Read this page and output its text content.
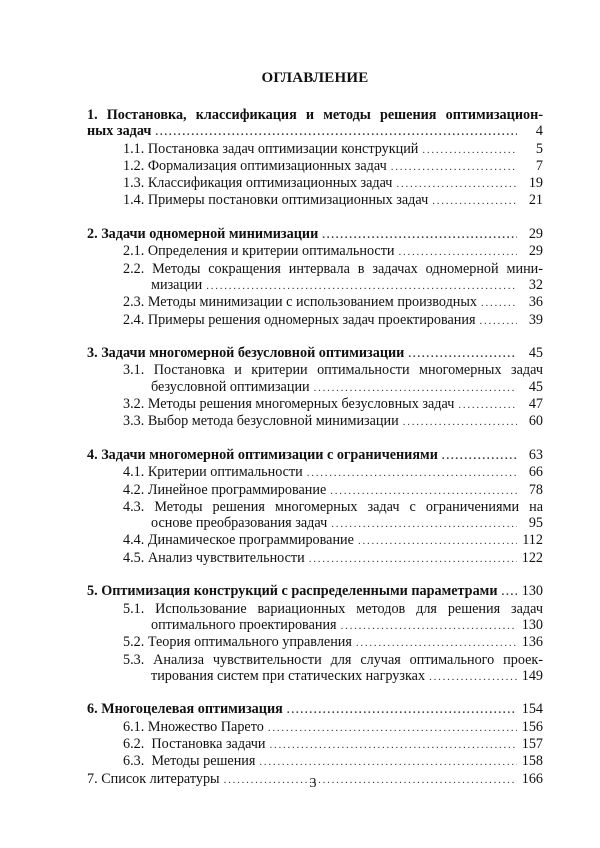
ОГЛАВЛЕНИЕ
1. Постановка, классификация и методы решения оптимизацион-
ных задач . . .	4
1.1. Постановка задач оптимизации конструкций . . .	5
1.2. Формализация оптимизационных задач . . .	7
1.3. Классификация оптимизационных задач . . .	19
1.4. Примеры постановки оптимизационных задач . . .	21
2. Задачи одномерной минимизации . . .	29
2.1. Определения и критерии оптимальности . . .	29
2.2. Методы сокращения интервала в задачах одномерной мини-
мизации . . .	32
2.3. Методы минимизации с использованием производных . . .	36
2.4. Примеры решения одномерных задач проектирования . . .	39
3. Задачи многомерной безусловной оптимизации . . .	45
3.1. Постановка и критерии оптимальности многомерных задач
безусловной оптимизации . . .	45
3.2. Методы решения многомерных безусловных задач . . .	47
3.3. Выбор метода безусловной минимизации . . .	60
4. Задачи многомерной оптимизации с ограничениями . . .	63
4.1. Критерии оптимальности . . .	66
4.2. Линейное программирование . . .	78
4.3. Методы решения многомерных задач с ограничениями на
основе преобразования задач . . .	95
4.4. Динамическое программирование . . .	112
4.5. Анализ чувствительности . . .	122
5. Оптимизация конструкций с распределенными параметрами . . . 130
5.1. Использование вариационных методов для решения задач
оптимального проектирования . . .	130
5.2. Теория оптимального управления . . .	136
5.3. Анализа чувствительности для случая оптимального проек-
тирования систем при статических нагрузках . . .	149
6. Многоцелевая оптимизация . . .	154
6.1. Множество Парето . . .	156
6.2.  Постановка задачи . . .	157
6.3.  Методы решения . . .	158
7. Список литературы . . .	166
3
